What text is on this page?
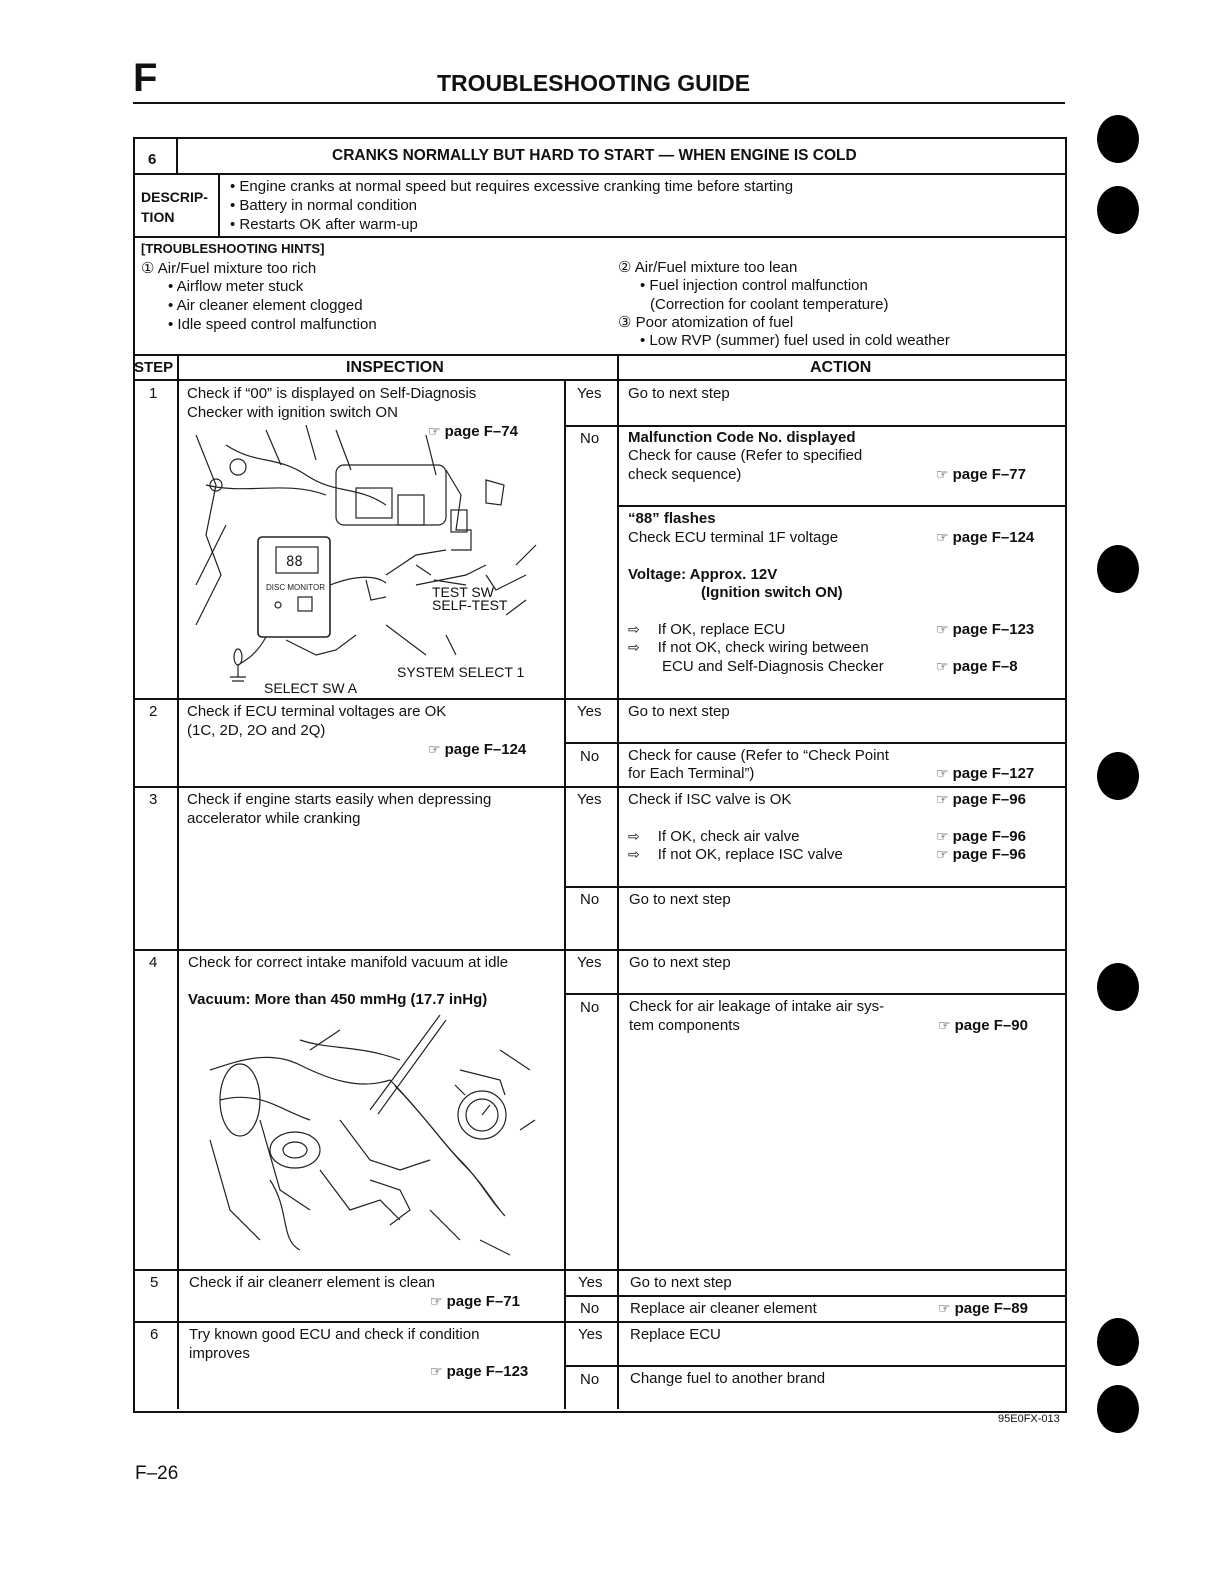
F	TROUBLESHOOTING GUIDE
6	CRANKS NORMALLY BUT HARD TO START — WHEN ENGINE IS COLD
DESCRIP-
TION
• Engine cranks at normal speed but requires excessive cranking time before starting
• Battery in normal condition
• Restarts OK after warm-up
[TROUBLESHOOTING HINTS]
① Air/Fuel mixture too rich
• Airflow meter stuck
• Air cleaner element clogged
• Idle speed control malfunction
② Air/Fuel mixture too lean
• Fuel injection control malfunction
(Correction for coolant temperature)
③ Poor atomization of fuel
• Low RVP (summer) fuel used in cold weather
STEP	INSPECTION	ACTION
1 Check if “00” is displayed on Self-Diagnosis
Checker with ignition switch ON
☞ page F–74
88
DISC MONITOR	TEST SW
SELF-TEST
SYSTEM SELECT 1
SELECT SW A
Yes Go to next step
No Malfunction Code No. displayed
Check for cause (Refer to specified
check sequence)	☞ page F–77
“88” flashes
Check ECU terminal 1F voltage	☞ page F–124
Voltage: Approx. 12V
(Ignition switch ON)
⇨ If OK, replace ECU	☞ page F–123
⇨ If not OK, check wiring between
ECU and Self-Diagnosis Checker	☞ page F–8
2 Check if ECU terminal voltages are OK
(1C, 2D, 2O and 2Q)
☞ page F–124
Yes Go to next step
No Check for cause (Refer to “Check Point
for Each Terminal”)	☞ page F–127
3 Check if engine starts easily when depressing
accelerator while cranking
Yes Check if ISC valve is OK	☞ page F–96
⇨ If OK, check air valve	☞ page F–96
⇨ If not OK, replace ISC valve	☞ page F–96
No Go to next step
4 Check for correct intake manifold vacuum at idle
Vacuum: More than 450 mmHg (17.7 inHg)
Yes Go to next step
No Check for air leakage of intake air sys-
tem components	☞ page F–90
5 Check if air cleanerr element is clean
☞ page F–71
Yes Go to next step
No Replace air cleaner element	☞ page F–89
6 Try known good ECU and check if condition
improves
☞ page F–123
Yes Replace ECU
No Change fuel to another brand
95E0FX-013
F–26
